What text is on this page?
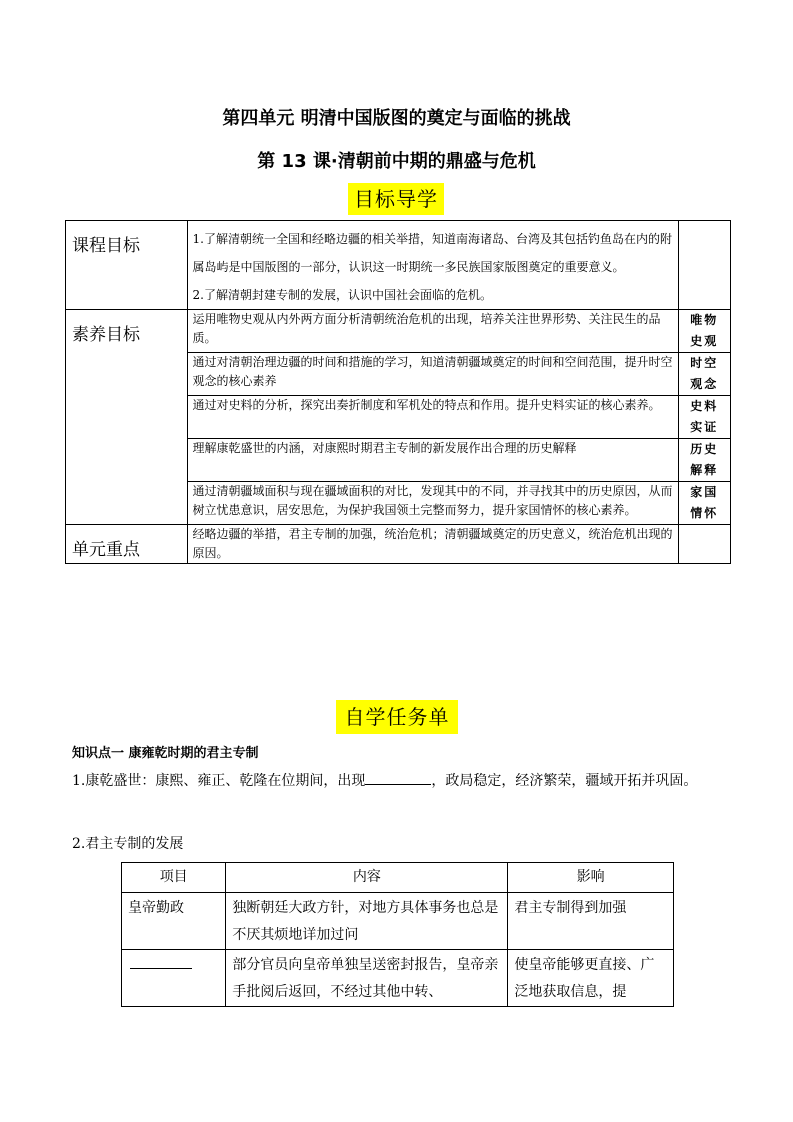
第四单元 明清中国版图的奠定与面临的挑战
第 13 课·清朝前中期的鼎盛与危机
目标导学
课程目标	1.了解清朝统一全国和经略边疆的相关举措，知道南海诸岛、台湾及其包括钓鱼岛在内的附属岛屿是中国版图的一部分，认识这一时期统一多民族国家版图奠定的重要意义。
2.了解清朝封建专制的发展，认识中国社会面临的危机。	
素养目标	运用唯物史观从内外两方面分析清朝统治危机的出现，培养关注世界形势、关注民生的品质。	唯物
史观
	通过对清朝治理边疆的时间和措施的学习，知道清朝疆域奠定的时间和空间范围，提升时空观念的核心素养	时空
观念
	通过对史料的分析，探究出奏折制度和军机处的特点和作用。提升史料实证的核心素养。	史料
实证
	理解康乾盛世的内涵，对康熙时期君主专制的新发展作出合理的历史解释	历史
解释
	通过清朝疆域面积与现在疆域面积的对比，发现其中的不同，并寻找其中的历史原因，从而树立忧患意识，居安思危，为保护我国领土完整而努力，提升家国情怀的核心素养。	家国
情怀
单元重点	经略边疆的举措，君主专制的加强，统治危机；清朝疆域奠定的历史意义，统治危机出现的原因。	
自学任务单
知识点一 康雍乾时期的君主专制
1.康乾盛世：康熙、雍正、乾隆在位期间，出现	，政局稳定，经济繁荣，疆域开拓并巩固。
2.君主专制的发展
项目	内容	影响
皇帝勤政	独断朝廷大政方针，对地方具体事务也总是不厌其烦地详加过问	君主专制得到加强
	部分官员向皇帝单独呈送密封报告，皇帝亲手批阅后返回，不经过其他中转、	使皇帝能够更直接、广泛地获取信息，提
